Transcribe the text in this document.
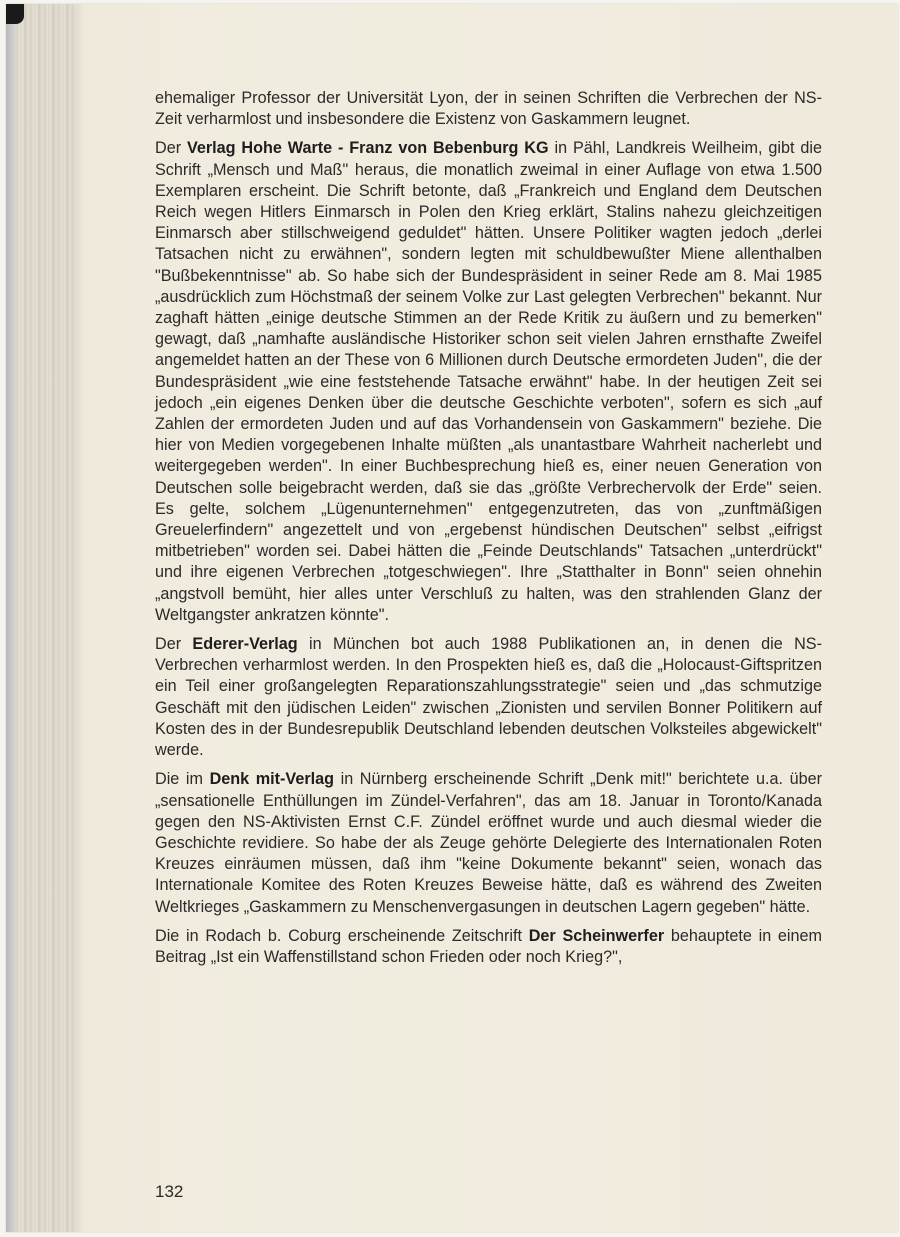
ehemaliger Professor der Universität Lyon, der in seinen Schriften die Verbrechen der NS-Zeit verharmlost und insbesondere die Existenz von Gaskammern leugnet.

Der Verlag Hohe Warte - Franz von Bebenburg KG in Pähl, Landkreis Weilheim, gibt die Schrift „Mensch und Maß" heraus, die monatlich zweimal in einer Auflage von etwa 1.500 Exemplaren erscheint. Die Schrift betonte, daß „Frankreich und England dem Deutschen Reich wegen Hitlers Einmarsch in Polen den Krieg erklärt, Stalins nahezu gleichzeitigen Einmarsch aber stillschweigend geduldet" hätten. Unsere Politiker wagten jedoch „derlei Tatsachen nicht zu erwähnen", sondern legten mit schuldbewußter Miene allenthalben "Bußbekenntnisse" ab. So habe sich der Bundespräsident in seiner Rede am 8. Mai 1985 „ausdrücklich zum Höchstmaß der seinem Volke zur Last gelegten Verbrechen" bekannt. Nur zaghaft hätten „einige deutsche Stimmen an der Rede Kritik zu äußern und zu bemerken" gewagt, daß „namhafte ausländische Historiker schon seit vielen Jahren ernsthafte Zweifel angemeldet hatten an der These von 6 Millionen durch Deutsche ermordeten Juden", die der Bundespräsident „wie eine feststehende Tatsache erwähnt" habe. In der heutigen Zeit sei jedoch „ein eigenes Denken über die deutsche Geschichte verboten", sofern es sich „auf Zahlen der ermordeten Juden und auf das Vorhandensein von Gaskammern" beziehe. Die hier von Medien vorgegebenen Inhalte müßten „als unantastbare Wahrheit nacherlebt und weitergegeben werden". In einer Buchbesprechung hieß es, einer neuen Generation von Deutschen solle beigebracht werden, daß sie das „größte Verbrechervolk der Erde" seien. Es gelte, solchem „Lügenunternehmen" entgegenzutreten, das von „zunftmäßigen Greuelerfindern" angezettelt und von „ergebenst hündischen Deutschen" selbst „eifrigst mitbetrieben" worden sei. Dabei hätten die „Feinde Deutschlands" Tatsachen „unterdrückt" und ihre eigenen Verbrechen „totgeschwiegen". Ihre „Statthalter in Bonn" seien ohnehin „angstvoll bemüht, hier alles unter Verschluß zu halten, was den strahlenden Glanz der Weltgangster ankratzen könnte".

Der Ederer-Verlag in München bot auch 1988 Publikationen an, in denen die NS-Verbrechen verharmlost werden. In den Prospekten hieß es, daß die „Holocaust-Giftspritzen ein Teil einer großangelegten Reparationszahlungsstrategie" seien und „das schmutzige Geschäft mit den jüdischen Leiden" zwischen „Zionisten und servilen Bonner Politikern auf Kosten des in der Bundesrepublik Deutschland lebenden deutschen Volksteiles abgewickelt" werde.

Die im Denk mit-Verlag in Nürnberg erscheinende Schrift „Denk mit!" berichtete u.a. über „sensationelle Enthüllungen im Zündel-Verfahren", das am 18. Januar in Toronto/Kanada gegen den NS-Aktivisten Ernst C.F. Zündel eröffnet wurde und auch diesmal wieder die Geschichte revidiere. So habe der als Zeuge gehörte Delegierte des Internationalen Roten Kreuzes einräumen müssen, daß ihm "keine Dokumente bekannt" seien, wonach das Internationale Komitee des Roten Kreuzes Beweise hätte, daß es während des Zweiten Weltkrieges „Gaskammern zu Menschenvergasungen in deutschen Lagern gegeben" hätte.

Die in Rodach b. Coburg erscheinende Zeitschrift Der Scheinwerfer behauptete in einem Beitrag „Ist ein Waffenstillstand schon Frieden oder noch Krieg?",

132
